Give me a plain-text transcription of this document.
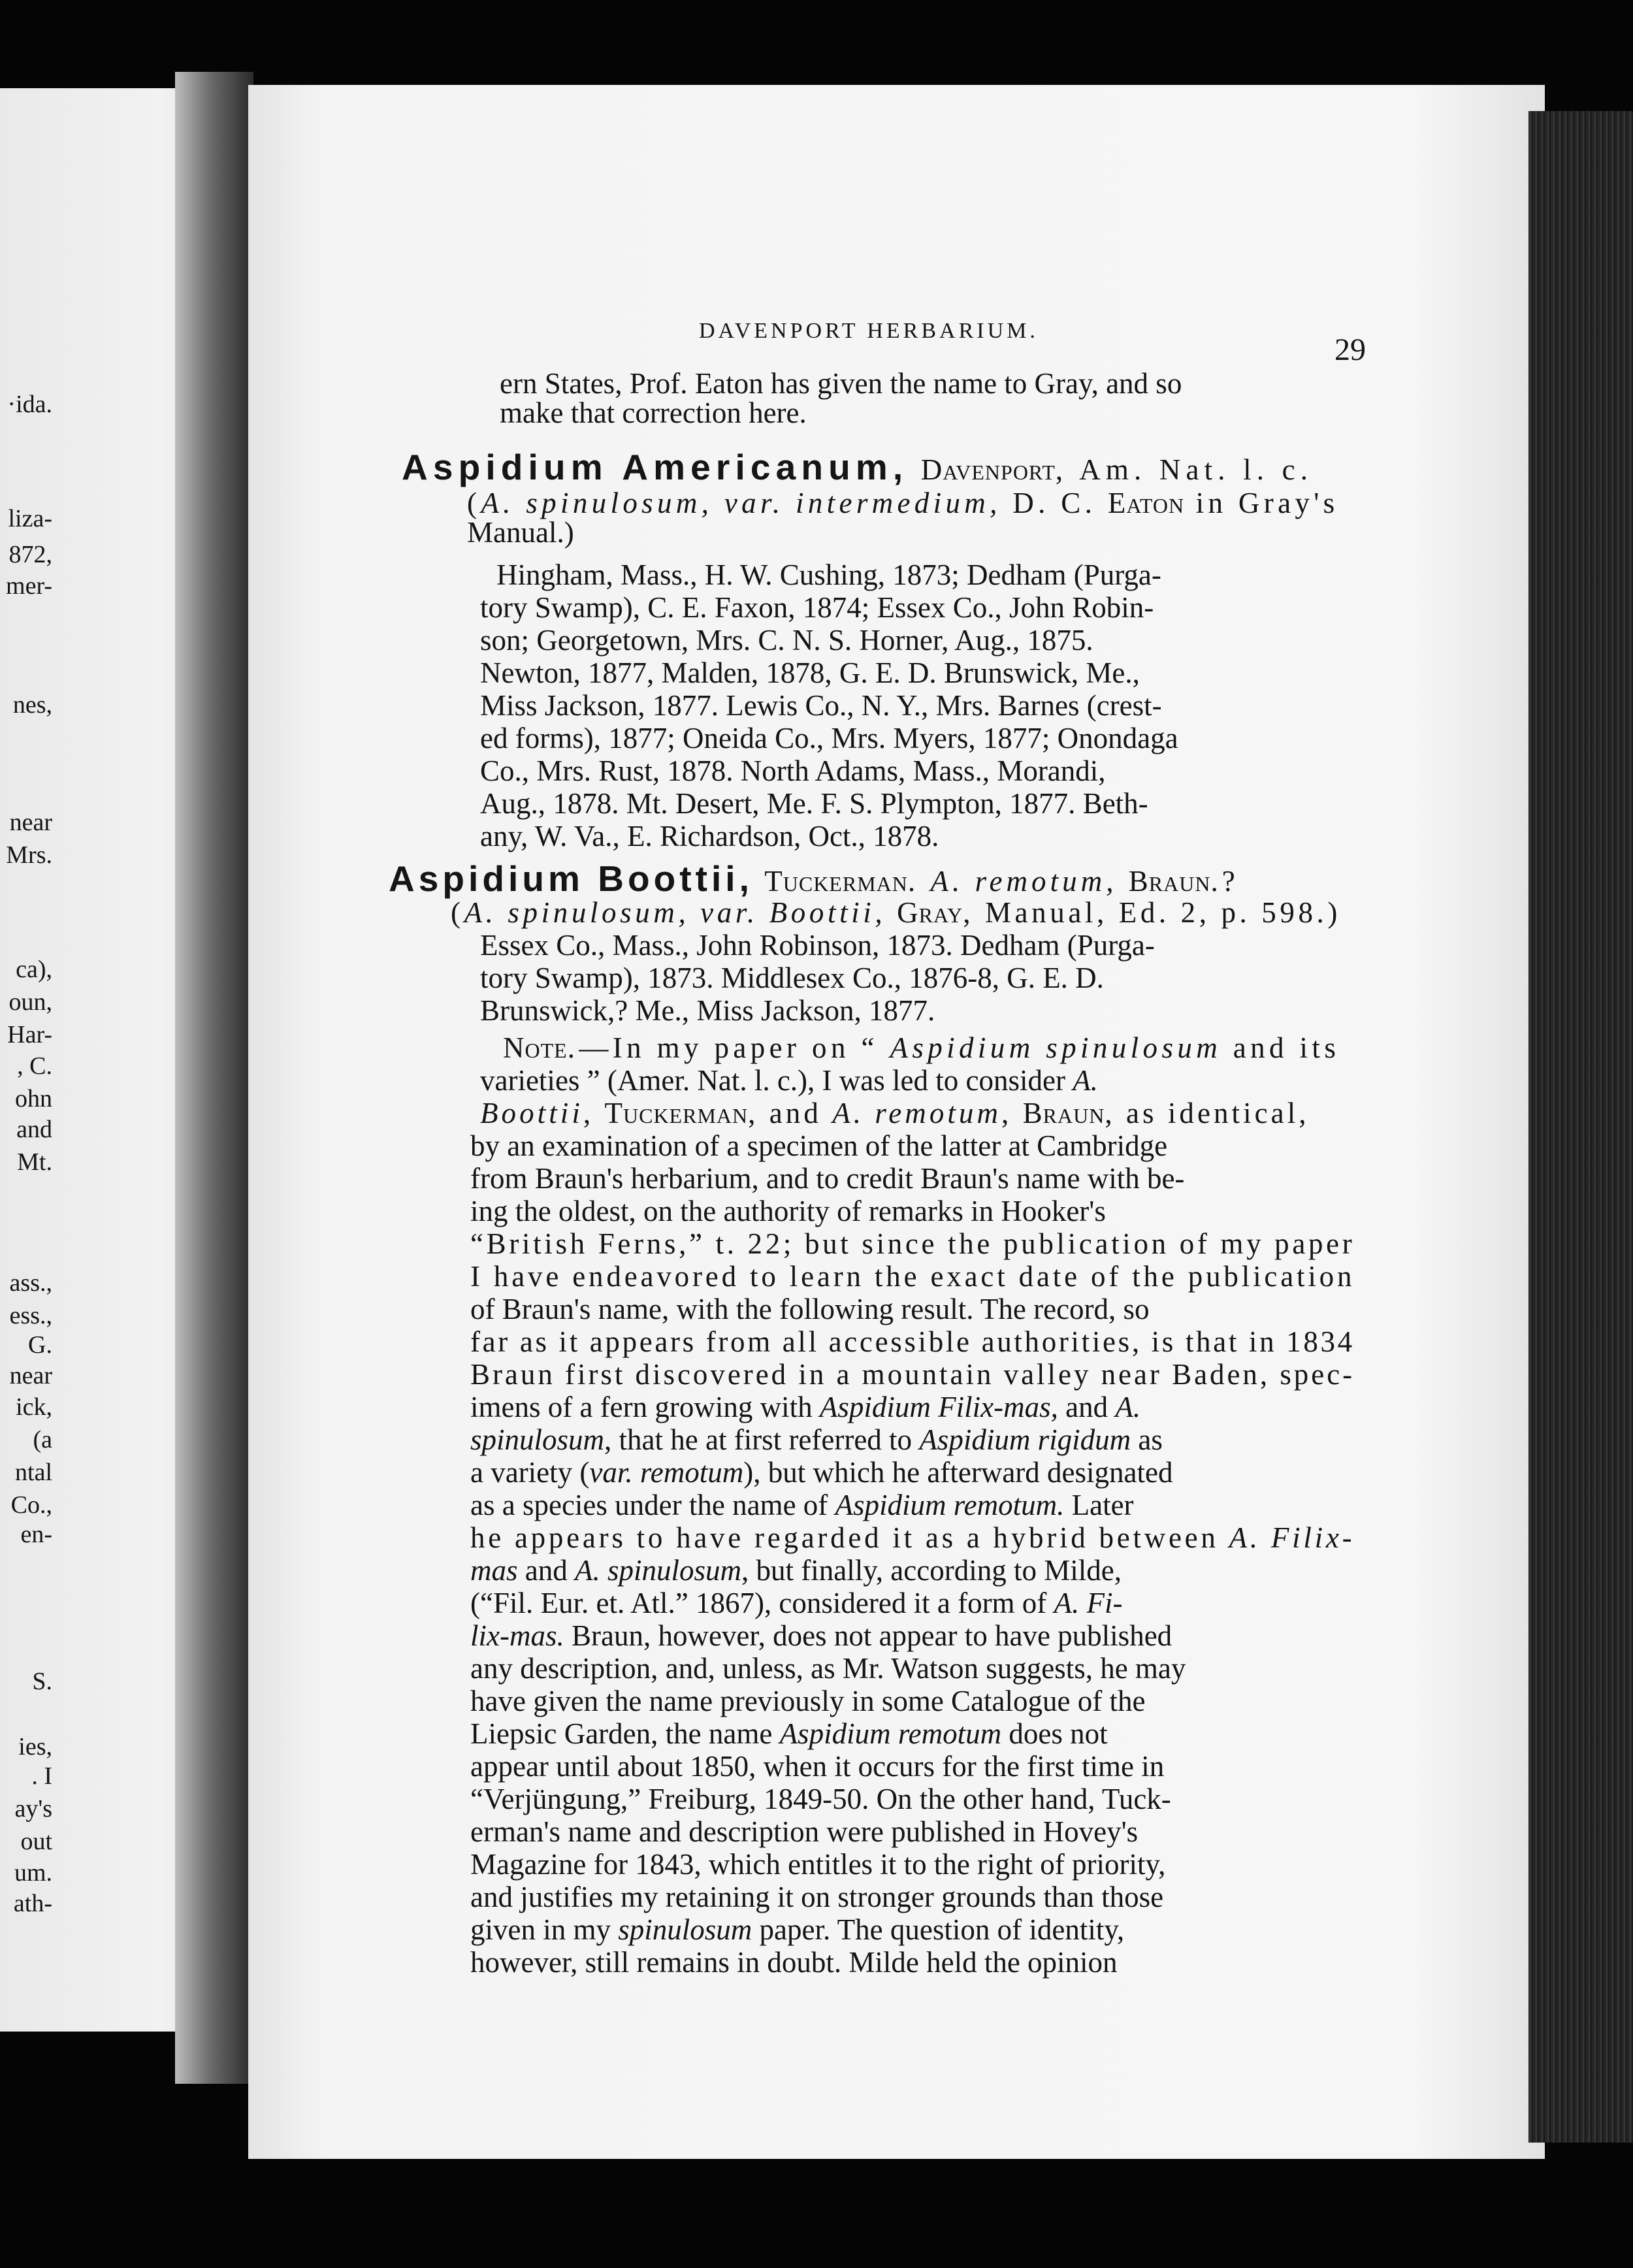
·ida.
liza-
872,
mer-
nes,
near
Mrs.
ca),
oun,
Har-
, C.
ohn
and
Mt.
ass.,
ess.,
G.
near
ick,
(a
ntal
Co.,
en-
S.
ies,
. I
ay's
out
um.
ath-
DAVENPORT HERBARIUM.
29
ern States, Prof. Eaton has given the name to Gray, and so
make that correction here.
Aspidium Americanum, Davenport, Am. Nat. l. c.
(A. spinulosum, var. intermedium, D. C. Eaton in Gray's
Manual.)
Hingham, Mass., H. W. Cushing, 1873; Dedham (Purga-
tory Swamp), C. E. Faxon, 1874; Essex Co., John Robin-
son; Georgetown, Mrs. C. N. S. Horner, Aug., 1875.
Newton, 1877, Malden, 1878, G. E. D. Brunswick, Me.,
Miss Jackson, 1877. Lewis Co., N. Y., Mrs. Barnes (crest-
ed forms), 1877; Oneida Co., Mrs. Myers, 1877; Onondaga
Co., Mrs. Rust, 1878. North Adams, Mass., Morandi,
Aug., 1878. Mt. Desert, Me. F. S. Plympton, 1877. Beth-
any, W. Va., E. Richardson, Oct., 1878.
Aspidium Boottii, Tuckerman. A. remotum, Braun.?
(A. spinulosum, var. Boottii, Gray, Manual, Ed. 2, p. 598.)
Essex Co., Mass., John Robinson, 1873. Dedham (Purga-
tory Swamp), 1873. Middlesex Co., 1876-8, G. E. D.
Brunswick,? Me., Miss Jackson, 1877.
Note.—In my paper on “ Aspidium spinulosum and its
varieties ” (Amer. Nat. l. c.), I was led to consider A.
Boottii, Tuckerman, and A. remotum, Braun, as identical,
by an examination of a specimen of the latter at Cambridge
from Braun's herbarium, and to credit Braun's name with be-
ing the oldest, on the authority of remarks in Hooker's
“British Ferns,” t. 22; but since the publication of my paper
I have endeavored to learn the exact date of the publication
of Braun's name, with the following result. The record, so
far as it appears from all accessible authorities, is that in 1834
Braun first discovered in a mountain valley near Baden, spec-
imens of a fern growing with Aspidium Filix-mas, and A.
spinulosum, that he at first referred to Aspidium rigidum as
a variety (var. remotum), but which he afterward designated
as a species under the name of Aspidium remotum. Later
he appears to have regarded it as a hybrid between A. Filix-
mas and A. spinulosum, but finally, according to Milde,
(“Fil. Eur. et. Atl.” 1867), considered it a form of A. Fi-
lix-mas. Braun, however, does not appear to have published
any description, and, unless, as Mr. Watson suggests, he may
have given the name previously in some Catalogue of the
Liepsic Garden, the name Aspidium remotum does not
appear until about 1850, when it occurs for the first time in
“Verjüngung,” Freiburg, 1849-50. On the other hand, Tuck-
erman's name and description were published in Hovey's
Magazine for 1843, which entitles it to the right of priority,
and justifies my retaining it on stronger grounds than those
given in my spinulosum paper. The question of identity,
however, still remains in doubt. Milde held the opinion
